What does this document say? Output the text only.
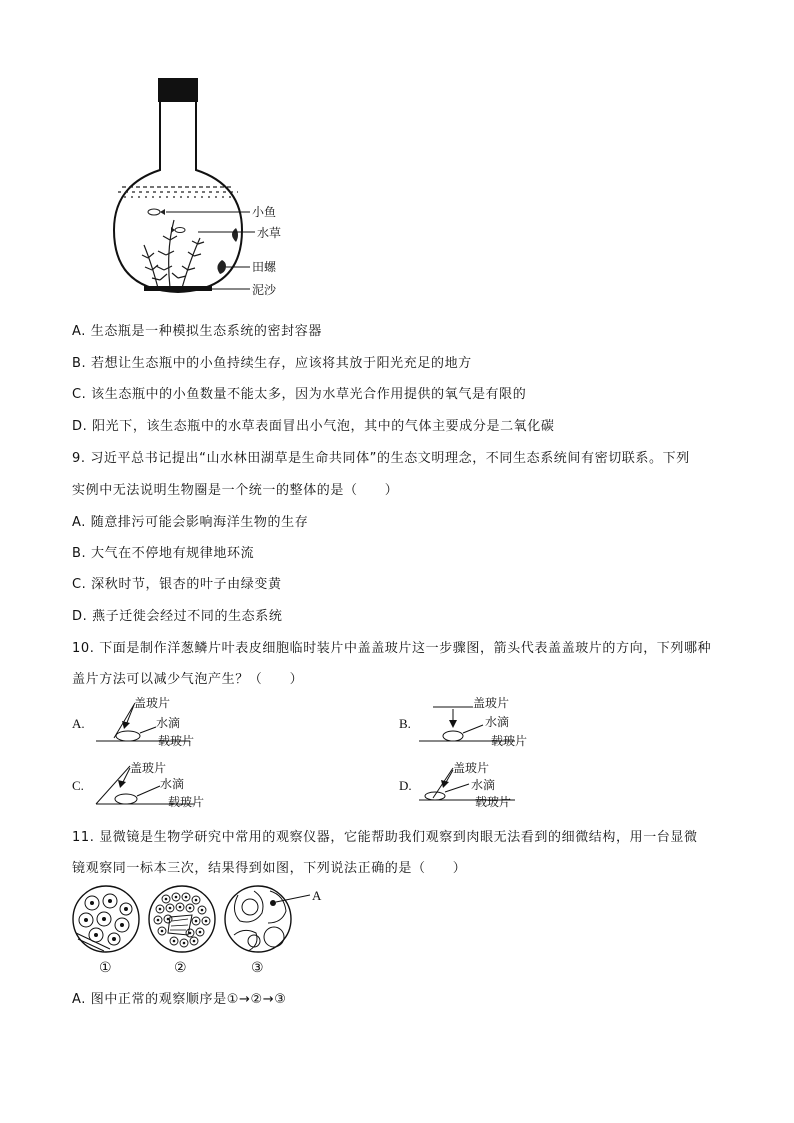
小鱼
水草
田螺
泥沙
A. 生态瓶是一种模拟生态系统的密封容器
B. 若想让生态瓶中的小鱼持续生存，应该将其放于阳光充足的地方
C. 该生态瓶中的小鱼数量不能太多，因为水草光合作用提供的氧气是有限的
D. 阳光下，该生态瓶中的水草表面冒出小气泡，其中的气体主要成分是二氧化碳
9. 习近平总书记提出“山水林田湖草是生命共同体”的生态文明理念，不同生态系统间有密切联系。下列
实例中无法说明生物圈是一个统一的整体的是（　　）
A. 随意排污可能会影响海洋生物的生存
B. 大气在不停地有规律地环流
C. 深秋时节，银杏的叶子由绿变黄
D. 燕子迁徙会经过不同的生态系统
10. 下面是制作洋葱鳞片叶表皮细胞临时装片中盖盖玻片这一步骤图，箭头代表盖盖玻片的方向，下列哪种
盖片方法可以减少气泡产生？（　　）
A.
盖玻片
水滴
载玻片
B.
盖玻片
水滴
载玻片
C.
盖玻片
水滴
载玻片
D.
盖玻片
水滴
载玻片
11. 显微镜是生物学研究中常用的观察仪器，它能帮助我们观察到肉眼无法看到的细微结构，用一台显微
镜观察同一标本三次，结果得到如图，下列说法正确的是（　　）
A
①	②	③
A. 图中正常的观察顺序是①→②→③
